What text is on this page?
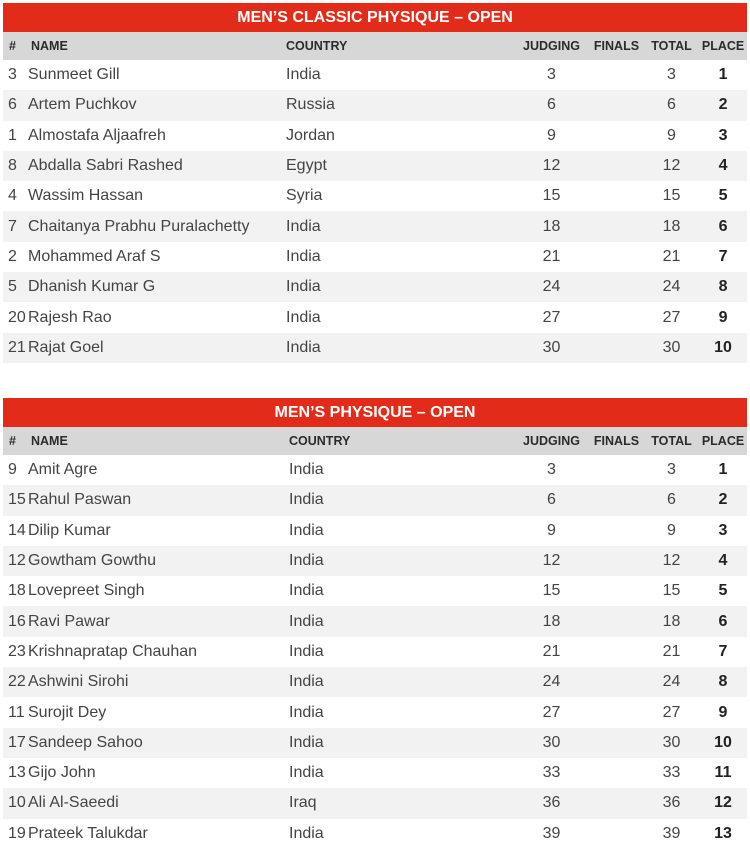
MEN’S CLASSIC PHYSIQUE – OPEN						
#	NAME	COUNTRY	JUDGING	FINALS	TOTAL	PLACE
3	Sunmeet Gill	India	3		3	1
6	Artem Puchkov	Russia	6		6	2
1	Almostafa Aljaafreh	Jordan	9		9	3
8	Abdalla Sabri Rashed	Egypt	12		12	4
4	Wassim Hassan	Syria	15		15	5
7	Chaitanya Prabhu Puralachetty	India	18		18	6
2	Mohammed Araf S	India	21		21	7
5	Dhanish Kumar G	India	24		24	8
20	Rajesh Rao	India	27		27	9
21	Rajat Goel	India	30		30	10
MEN’S PHYSIQUE – OPEN						
#	NAME	COUNTRY	JUDGING	FINALS	TOTAL	PLACE
9	Amit Agre	India	3		3	1
15	Rahul Paswan	India	6		6	2
14	Dilip Kumar	India	9		9	3
12	Gowtham Gowthu	India	12		12	4
18	Lovepreet Singh	India	15		15	5
16	Ravi Pawar	India	18		18	6
23	Krishnapratap Chauhan	India	21		21	7
22	Ashwini Sirohi	India	24		24	8
11	Surojit Dey	India	27		27	9
17	Sandeep Sahoo	India	30		30	10
13	Gijo John	India	33		33	11
10	Ali Al-Saeedi	Iraq	36		36	12
19	Prateek Talukdar	India	39		39	13
